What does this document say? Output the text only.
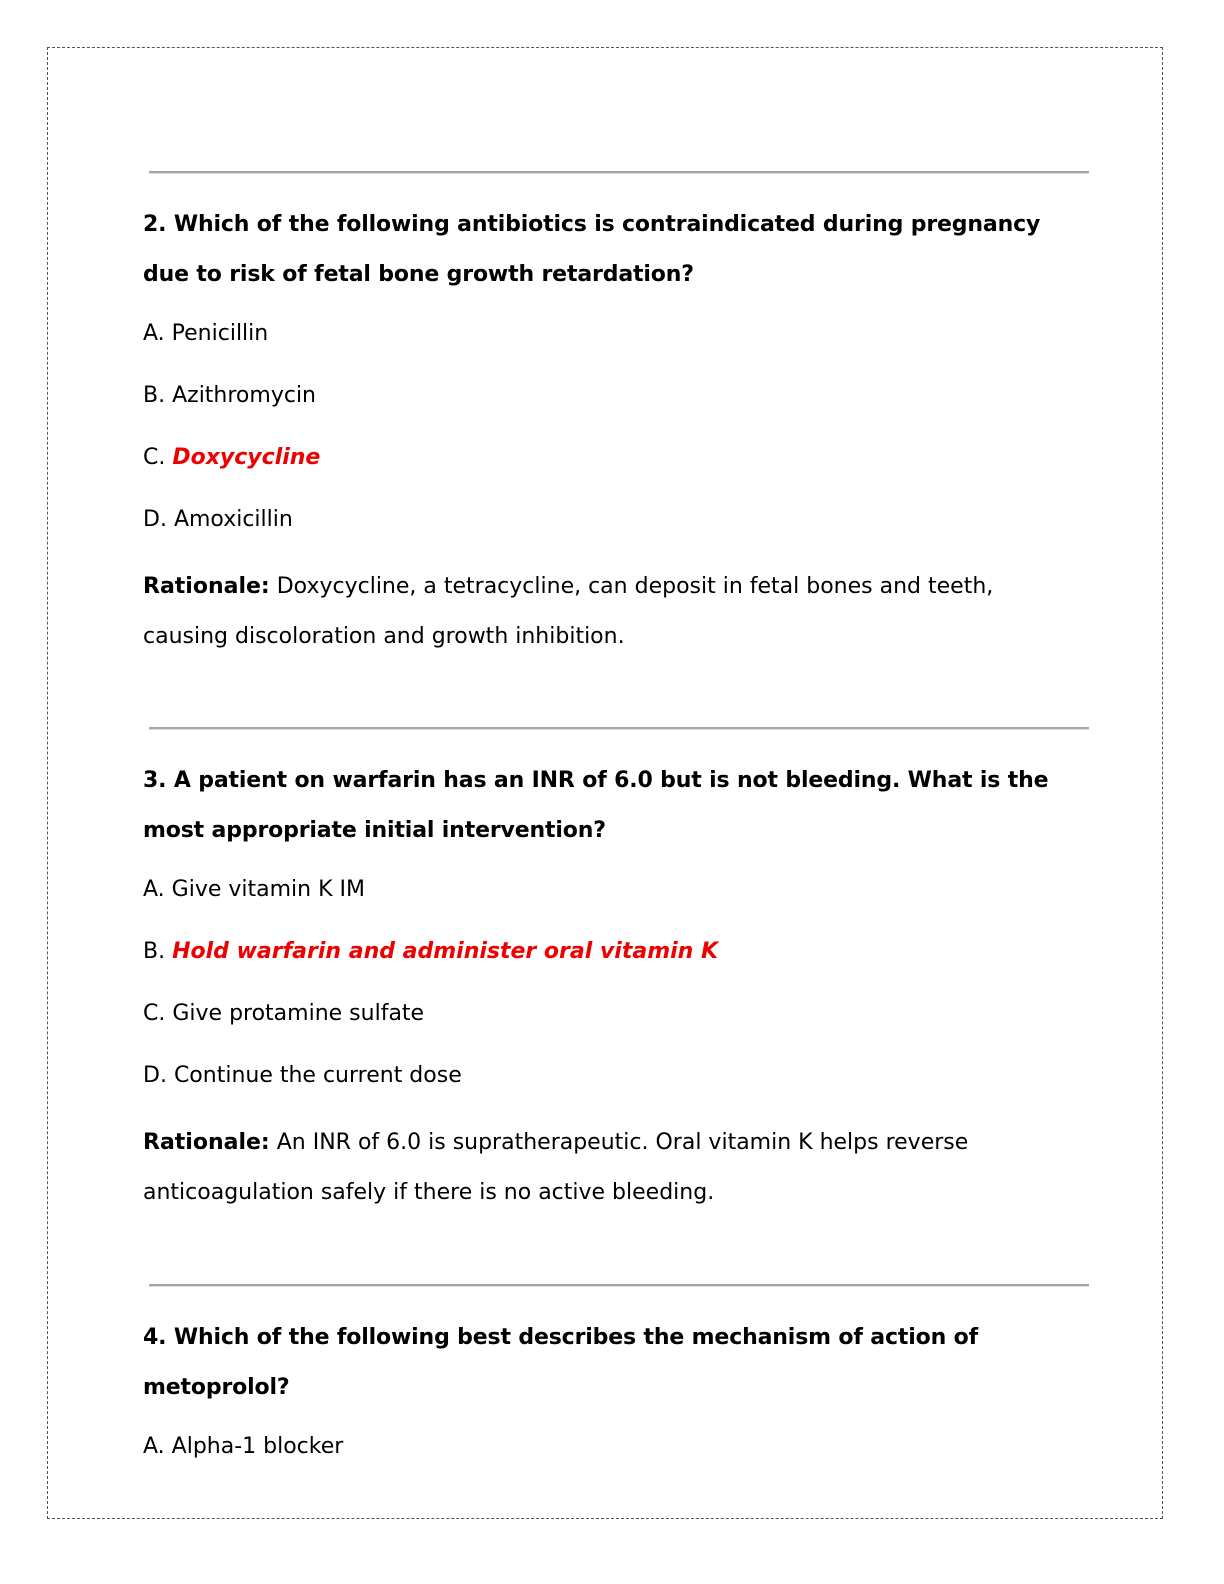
2. Which of the following antibiotics is contraindicated during pregnancy due to risk of fetal bone growth retardation?

A. Penicillin

B. Azithromycin

C. Doxycycline

D. Amoxicillin

Rationale: Doxycycline, a tetracycline, can deposit in fetal bones and teeth, causing discoloration and growth inhibition.

3. A patient on warfarin has an INR of 6.0 but is not bleeding. What is the most appropriate initial intervention?

A. Give vitamin K IM

B. Hold warfarin and administer oral vitamin K

C. Give protamine sulfate

D. Continue the current dose

Rationale: An INR of 6.0 is supratherapeutic. Oral vitamin K helps reverse anticoagulation safely if there is no active bleeding.

4. Which of the following best describes the mechanism of action of metoprolol?

A. Alpha-1 blocker
